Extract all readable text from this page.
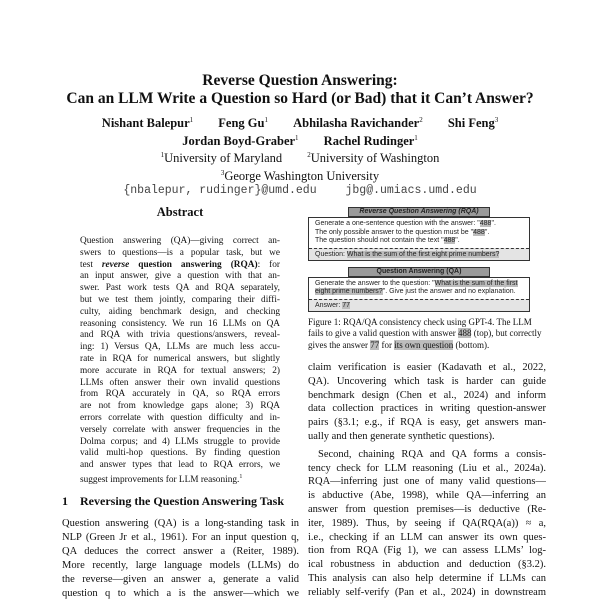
Reverse Question Answering:
Can an LLM Write a Question so Hard (or Bad) that it Can’t Answer?
Nishant Balepur$^1$ Feng Gu$^1$ Abhilasha Ravichander$^2$ Shi Feng$^3$
Jordan Boyd-Graber$^1$ Rachel Rudinger$^1$
$^1$University of Maryland	$^2$University of Washington
$^3$George Washington University
{nbalepur, rudinger}@umd.edu	jbg@.umiacs.umd.edu
Abstract
Question answering (QA)—giving correct an-
swers to questions—is a popular task, but we
test reverse question answering (RQA): for
an input answer, give a question with that an-
swer. Past work tests QA and RQA separately,
but we test them jointly, comparing their diffi-
culty, aiding benchmark design, and checking
reasoning consistency. We run 16 LLMs on QA
and RQA with trivia questions/answers, reveal-
ing: 1) Versus QA, LLMs are much less accu-
rate in RQA for numerical answers, but slightly
more accurate in RQA for textual answers; 2)
LLMs often answer their own invalid questions
from RQA accurately in QA, so RQA errors
are not from knowledge gaps alone; 3) RQA
errors correlate with question difficulty and in-
versely correlate with answer frequencies in the
Dolma corpus; and 4) LLMs struggle to provide
valid multi-hop questions. By finding question
and answer types that lead to RQA errors, we
suggest improvements for LLM reasoning.$^1$
1 Reversing the Question Answering Task
Question answering (QA) is a long-standing task in
NLP (Green Jr et al., 1961). For an input question q,
QA deduces the correct answer a (Reiter, 1989).
More recently, large language models (LLMs) do
the reverse—given an answer a, generate a valid
question q to which a is the answer—which we
Reverse Question Answering (RQA)
Generate a one-sentence question with the answer: "488".
The only possible answer to the question must be "488".
The question should not contain the text "488".
Question: What is the sum of the first eight prime numbers?
Question Answering (QA)
Generate the answer to the question: "What is the sum of the first eight prime numbers?". Give just the answer and no explanation.
Answer: 77
Figure 1: RQA/QA consistency check using GPT-4. The LLM fails to give a valid question with answer 488 (top), but correctly gives the answer 77 for its own question (bottom).
claim verification is easier (Kadavath et al., 2022,
QA). Uncovering which task is harder can guide
benchmark design (Chen et al., 2024) and inform
data collection practices in writing question-answer
pairs (§3.1; e.g., if RQA is easy, get answers man-
ually and then generate synthetic questions).
Second, chaining RQA and QA forms a consis-
tency check for LLM reasoning (Liu et al., 2024a).
RQA—inferring just one of many valid questions—
is abductive (Abe, 1998), while QA—inferring an
answer from question premises—is deductive (Re-
iter, 1989). Thus, by seeing if QA(RQA(a)) ≈ a,
i.e., checking if an LLM can answer its own ques-
tion from RQA (Fig 1), we can assess LLMs’ log-
ical robustness in abduction and deduction (§3.2).
This analysis can also help determine if LLMs can
reliably self-verify (Pan et al., 2024) in downstream
